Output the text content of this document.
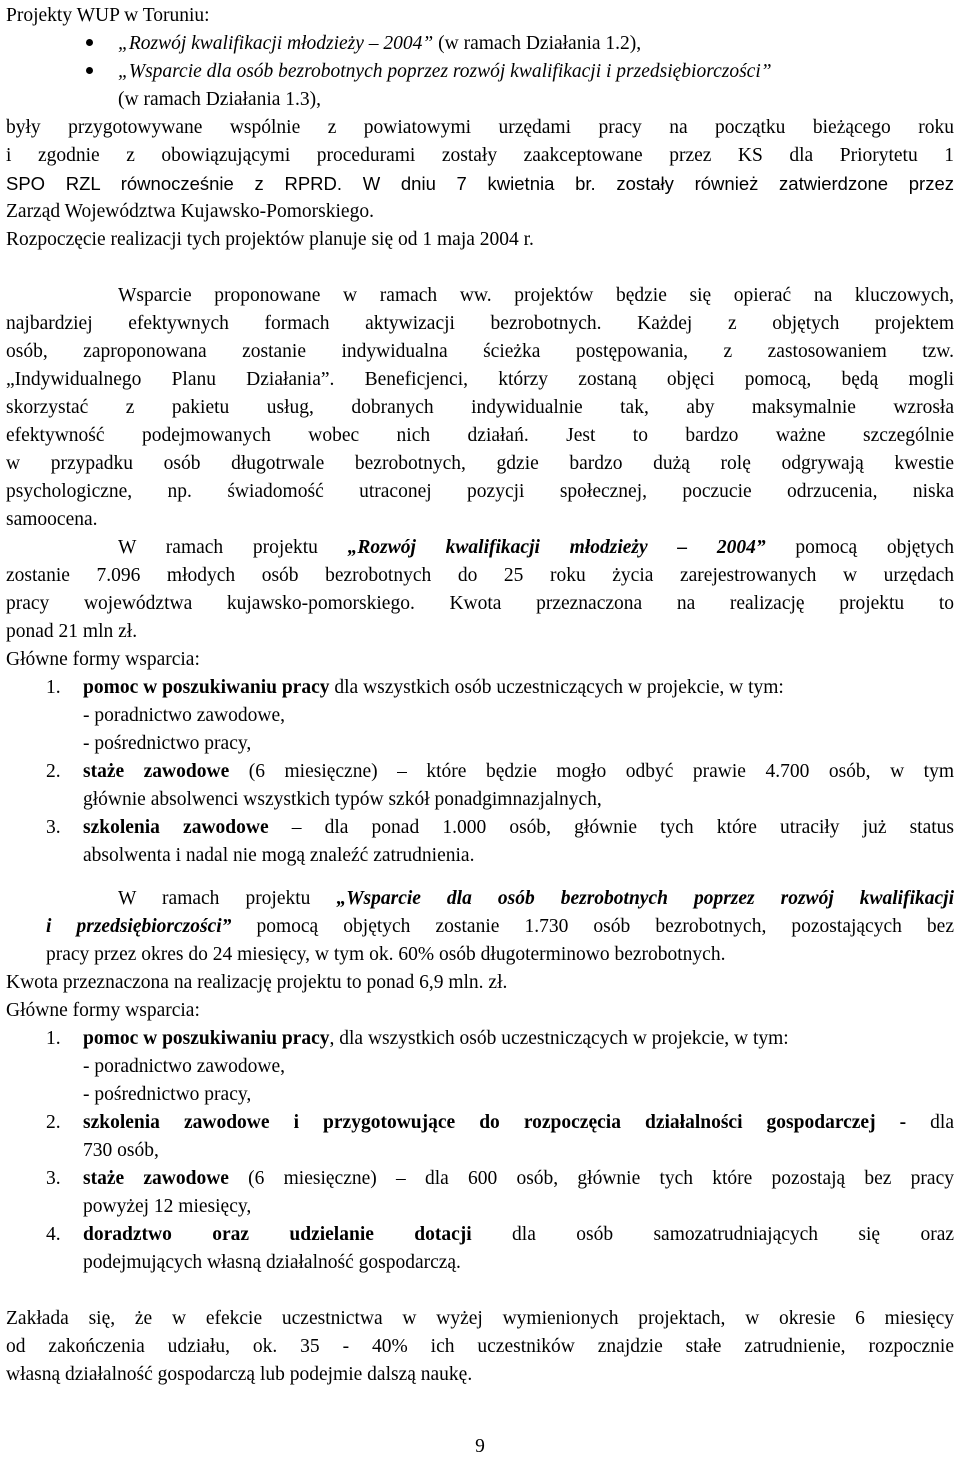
Projekty WUP w Toruniu:
„Rozwój kwalifikacji młodzieży – 2004” (w ramach Działania 1.2),
„Wsparcie dla osób bezrobotnych poprzez rozwój kwalifikacji i przedsiębiorczości”
(w ramach Działania 1.3),
były przygotowywane wspólnie z powiatowymi urzędami pracy na początku bieżącego roku
i zgodnie z obowiązującymi procedurami zostały zaakceptowane przez KS dla Priorytetu 1
SPO RZL równocześnie z RPRD. W dniu 7 kwietnia br. zostały również zatwierdzone przez
Zarząd Województwa Kujawsko-Pomorskiego.
Rozpoczęcie realizacji tych projektów planuje się od 1 maja 2004 r.
Wsparcie proponowane w ramach ww. projektów będzie się opierać na kluczowych,
najbardziej efektywnych formach aktywizacji bezrobotnych. Każdej z objętych projektem
osób, zaproponowana zostanie indywidualna ścieżka postępowania, z zastosowaniem tzw.
„Indywidualnego Planu Działania”. Beneficjenci, którzy zostaną objęci pomocą, będą mogli
skorzystać z pakietu usług, dobranych indywidualnie tak, aby maksymalnie wzrosła
efektywność podejmowanych wobec nich działań. Jest to bardzo ważne szczególnie
w przypadku osób długotrwale bezrobotnych, gdzie bardzo dużą rolę odgrywają kwestie
psychologiczne, np. świadomość utraconej pozycji społecznej, poczucie odrzucenia, niska
samoocena.
W ramach projektu „Rozwój kwalifikacji młodzieży – 2004” pomocą objętych
zostanie 7.096 młodych osób bezrobotnych do 25 roku życia zarejestrowanych w urzędach
pracy województwa kujawsko-pomorskiego. Kwota przeznaczona na realizację projektu to
ponad 21 mln zł.
Główne formy wsparcia:
1. pomoc w poszukiwaniu pracy dla wszystkich osób uczestniczących w projekcie, w tym:
- poradnictwo zawodowe,
- pośrednictwo pracy,
2. staże zawodowe (6 miesięczne) – które będzie mogło odbyć prawie 4.700 osób, w tym
głównie absolwenci wszystkich typów szkół ponadgimnazjalnych,
3. szkolenia zawodowe – dla ponad 1.000 osób, głównie tych które utraciły już status
absolwenta i nadal nie mogą znaleźć zatrudnienia.
W ramach projektu „Wsparcie dla osób bezrobotnych poprzez rozwój kwalifikacji
i przedsiębiorczości” pomocą objętych zostanie 1.730 osób bezrobotnych, pozostających bez
pracy przez okres do 24 miesięcy, w tym ok. 60% osób długoterminowo bezrobotnych.
Kwota przeznaczona na realizację projektu to ponad 6,9 mln. zł.
Główne formy wsparcia:
1. pomoc w poszukiwaniu pracy, dla wszystkich osób uczestniczących w projekcie, w tym:
- poradnictwo zawodowe,
- pośrednictwo pracy,
2. szkolenia zawodowe i przygotowujące do rozpoczęcia działalności gospodarczej - dla
730 osób,
3. staże zawodowe (6 miesięczne) – dla 600 osób, głównie tych które pozostają bez pracy
powyżej 12 miesięcy,
4. doradztwo oraz udzielanie dotacji dla osób samozatrudniających się oraz
podejmujących własną działalność gospodarczą.
Zakłada się, że w efekcie uczestnictwa w wyżej wymienionych projektach, w okresie 6 miesięcy
od zakończenia udziału, ok. 35 - 40% ich uczestników znajdzie stałe zatrudnienie, rozpocznie
własną działalność gospodarczą lub podejmie dalszą naukę.
9
